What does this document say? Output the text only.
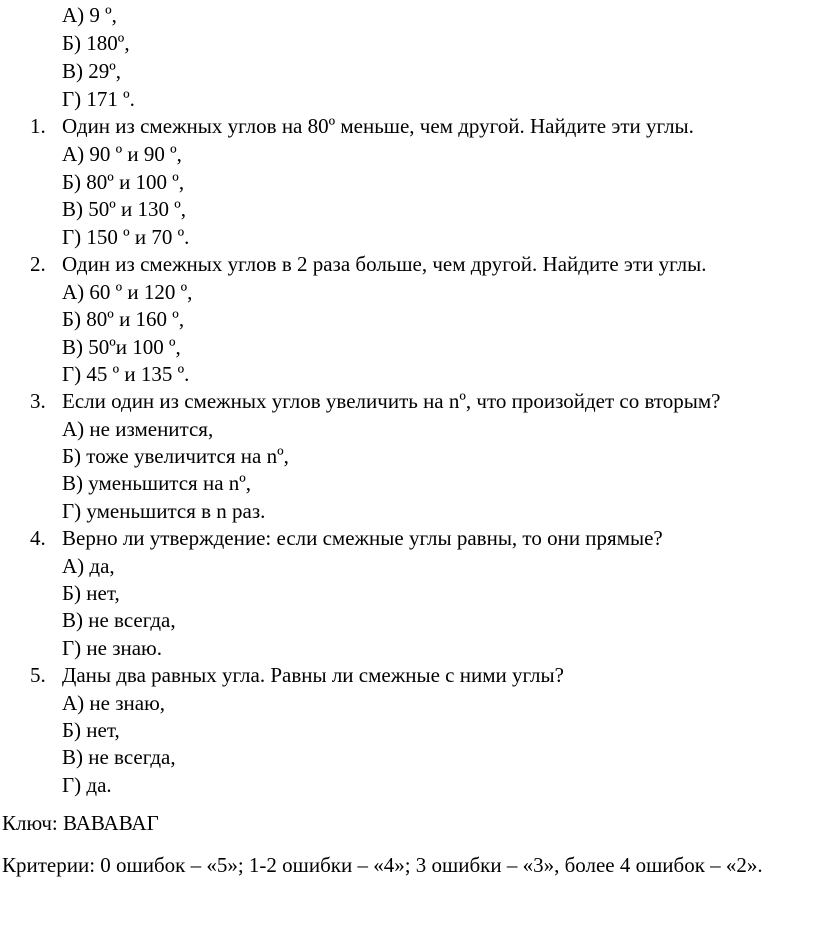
А) 9 º,
Б) 180º,
В) 29º,
Г) 171 º.
1. Один из смежных углов на 80º меньше, чем другой. Найдите эти углы.
А) 90 º и 90 º,
Б) 80º и 100 º,
В) 50º и 130 º,
Г) 150 º и 70 º.
2. Один из смежных углов в 2 раза больше, чем другой. Найдите эти углы.
А) 60 º и 120 º,
Б) 80º и 160 º,
В) 50ºи 100 º,
Г) 45 º и 135 º.
3. Если один из смежных углов увеличить на nº, что произойдет со вторым?
А) не изменится,
Б) тоже увеличится на nº,
В) уменьшится на nº,
Г) уменьшится в n раз.
4. Верно ли утверждение: если смежные углы равны, то они прямые?
А) да,
Б) нет,
В) не всегда,
Г) не знаю.
5. Даны два равных угла. Равны ли смежные с ними углы?
А) не знаю,
Б) нет,
В) не всегда,
Г) да.
Ключ: ВАВАВАГ
Критерии: 0 ошибок – «5»; 1-2 ошибки – «4»; 3 ошибки – «3», более 4 ошибок – «2».
